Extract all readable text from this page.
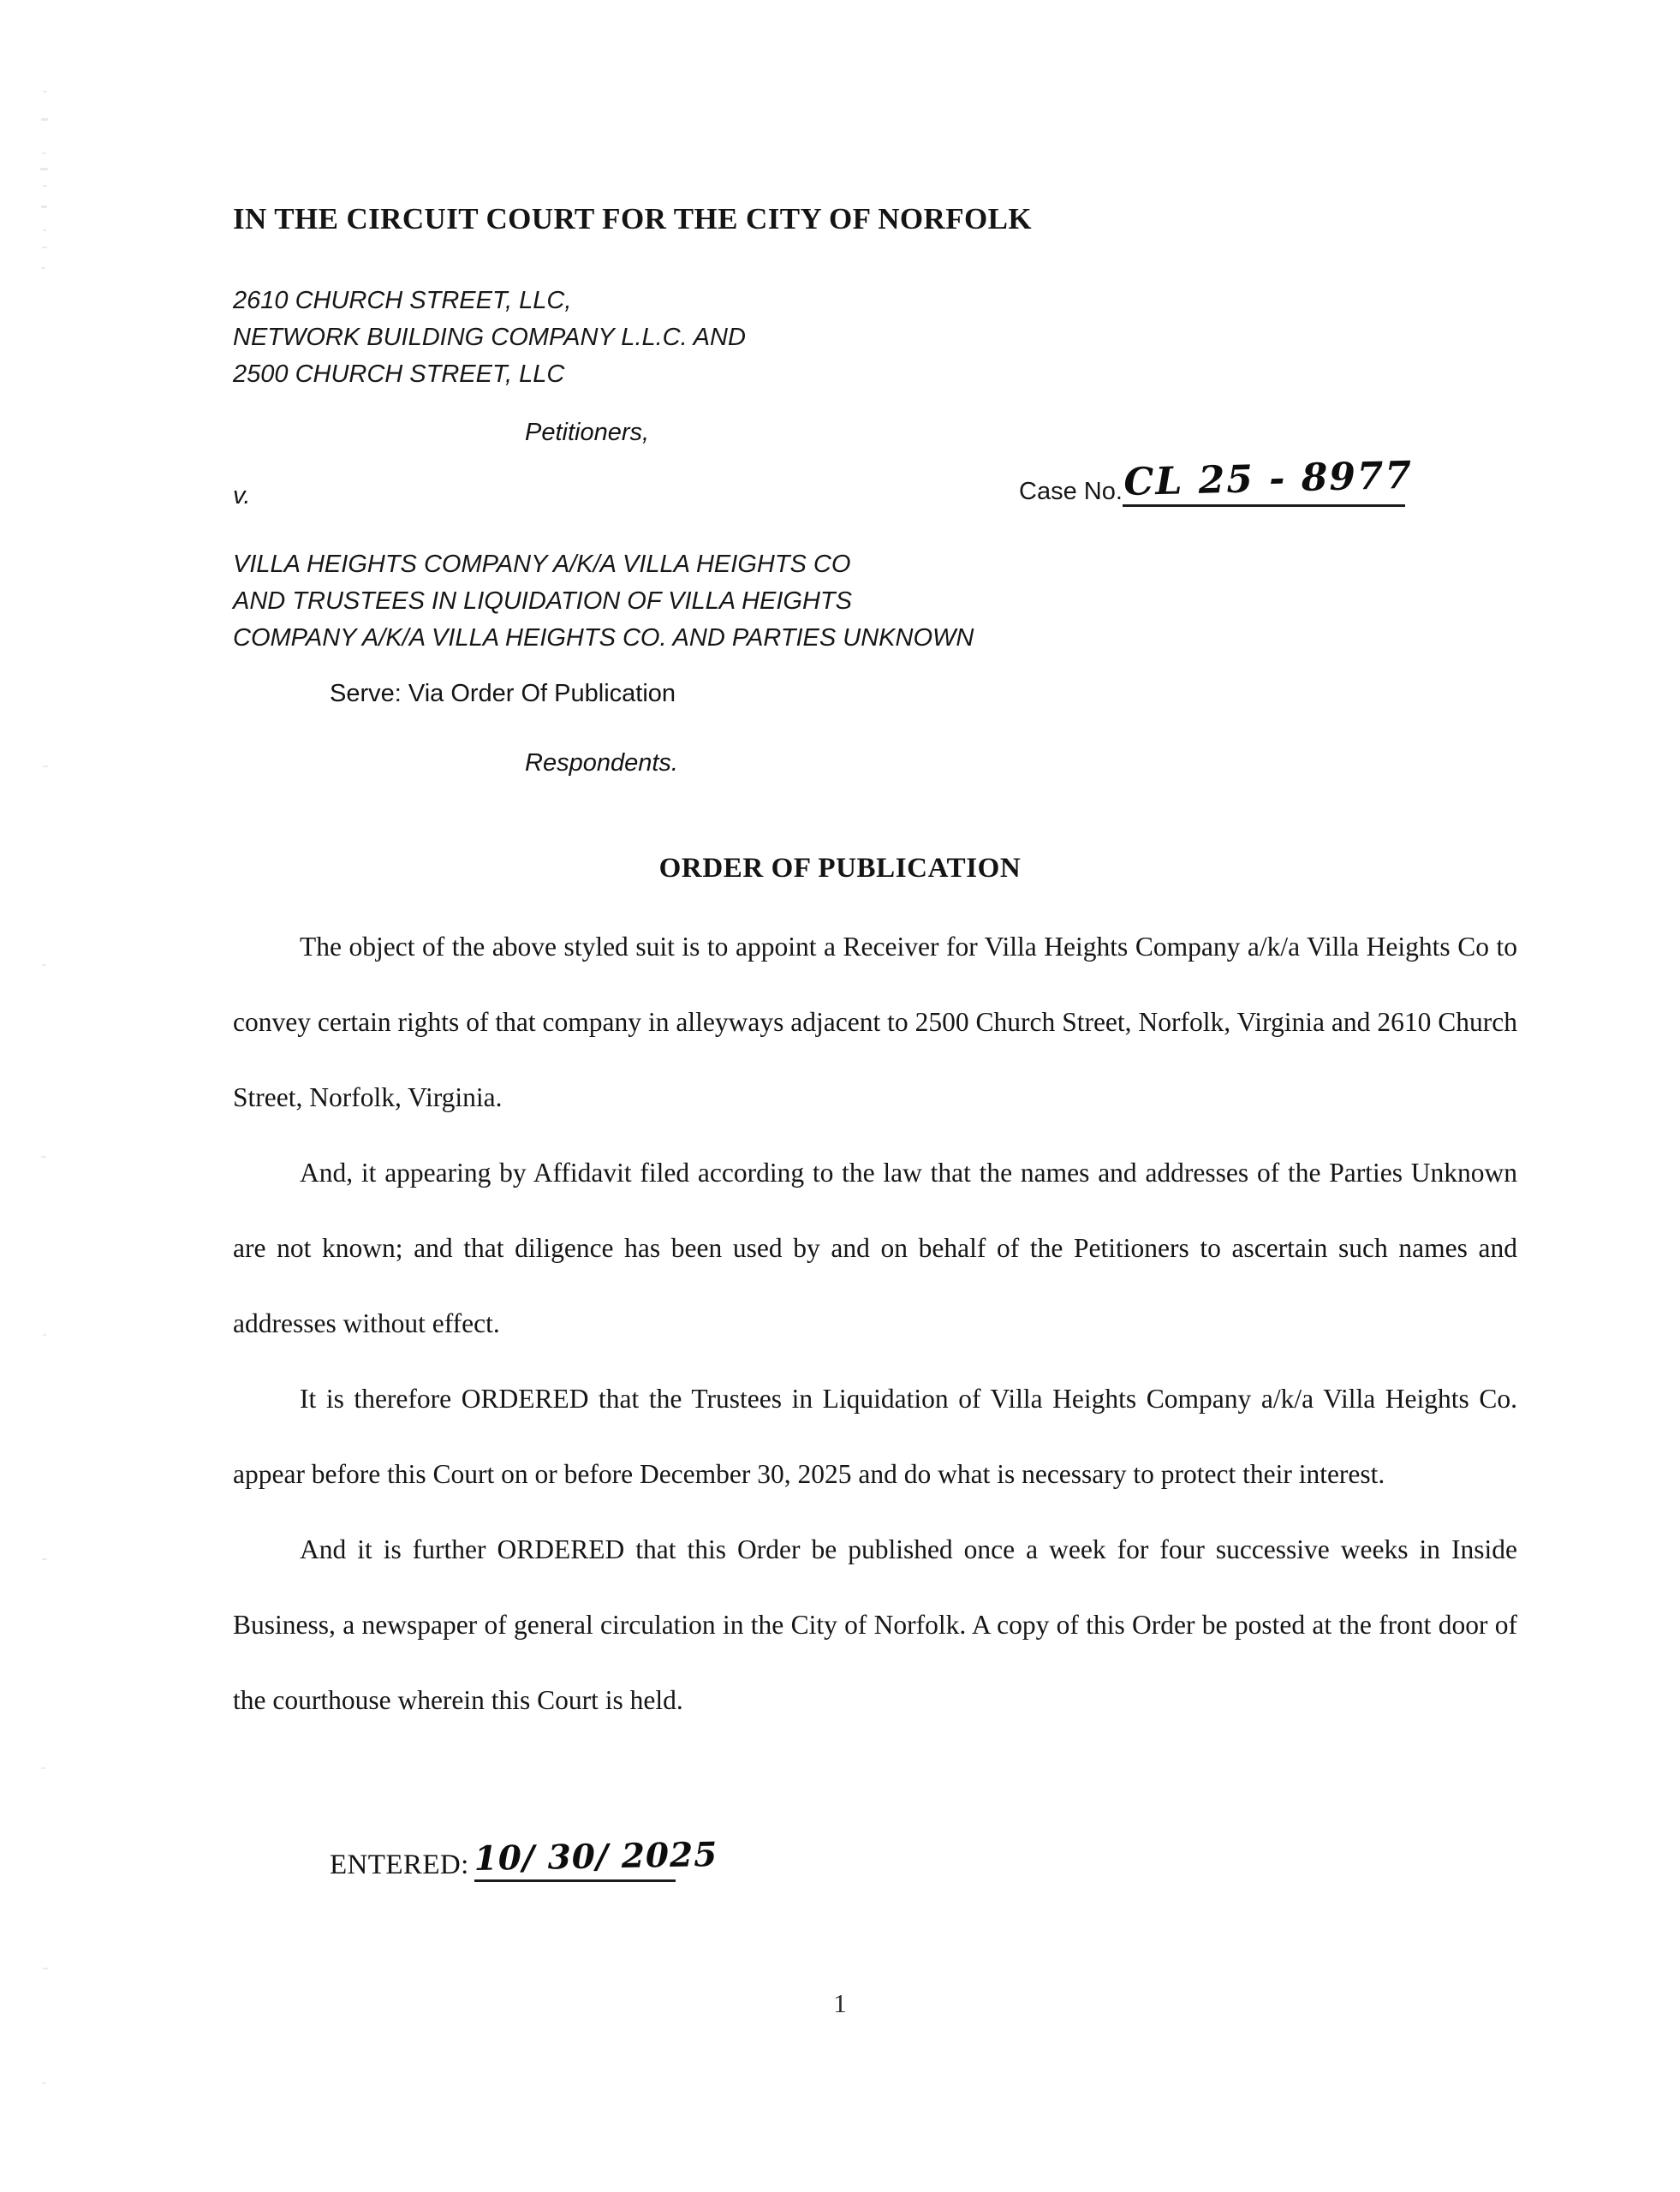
IN THE CIRCUIT COURT FOR THE CITY OF NORFOLK
2610 CHURCH STREET, LLC,
NETWORK BUILDING COMPANY L.L.C. AND
2500 CHURCH STREET, LLC
Petitioners,
v.	Case No. CL 25 - 8977
VILLA HEIGHTS COMPANY A/K/A VILLA HEIGHTS CO
AND TRUSTEES IN LIQUIDATION OF VILLA HEIGHTS
COMPANY A/K/A VILLA HEIGHTS CO. AND PARTIES UNKNOWN
Serve: Via Order Of Publication
Respondents.
ORDER OF PUBLICATION

The object of the above styled suit is to appoint a Receiver for Villa Heights Company a/k/a Villa Heights Co to convey certain rights of that company in alleyways adjacent to 2500 Church Street, Norfolk, Virginia and 2610 Church Street, Norfolk, Virginia.

And, it appearing by Affidavit filed according to the law that the names and addresses of the Parties Unknown are not known; and that diligence has been used by and on behalf of the Petitioners to ascertain such names and addresses without effect.

It is therefore ORDERED that the Trustees in Liquidation of Villa Heights Company a/k/a Villa Heights Co. appear before this Court on or before December 30, 2025 and do what is necessary to protect their interest.

And it is further ORDERED that this Order be published once a week for four successive weeks in Inside Business, a newspaper of general circulation in the City of Norfolk. A copy of this Order be posted at the front door of the courthouse wherein this Court is held.

ENTERED: 10/ 30/ 2025
1
